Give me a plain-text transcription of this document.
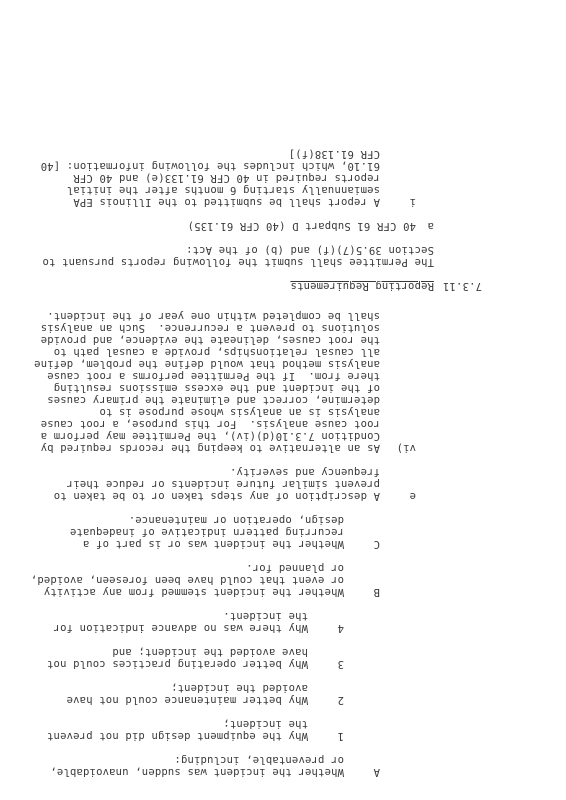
A
Whether the incident was sudden, unavoidable,
or preventable, including:
1
Why the equipment design did not prevent
the incident;
2
Why better maintenance could not have
avoided the incident;
3
Why better operating practices could not
have avoided the incident; and
4
Why there was no advance indication for
the incident.
B
Whether the incident stemmed from any activity
or event that could have been foreseen, avoided,
or planned for.
C
Whether the incident was or is part of a
recurring pattern indicative of inadequate
design, operation or maintenance.
e
A description of any steps taken or to be taken to
prevent similar future incidents or reduce their
frequency and severity.
vi)
As an alternative to keeping the records required by
Condition 7.3.10(d)(iv), the Permittee may perform a
root cause analysis.  For this purpose, a root cause
analysis is an analysis whose purpose is to
determine, correct and eliminate the primary causes
of the incident and the excess emissions resulting
there from.  If the Permittee performs a root cause
analysis method that would define the problem, define
all causal relationships, provide a causal path to
the root causes, delineate the evidence, and provide
solutions to prevent a recurrence.  Such an analysis
shall be completed within one year of the incident.
7.3.11
Reporting Requirements
The Permittee shall submit the following reports pursuant to
Section 39.5(7)(f) and (b) of the Act:
a
40 CFR 61 Subpart D (40 CFR 61.135)
i
A report shall be submitted to the Illinois EPA
semiannually starting 6 months after the initial
reports required in 40 CFR 61.133(e) and 40 CFR
61.10, which includes the following information: [40
CFR 61.138(f)]
